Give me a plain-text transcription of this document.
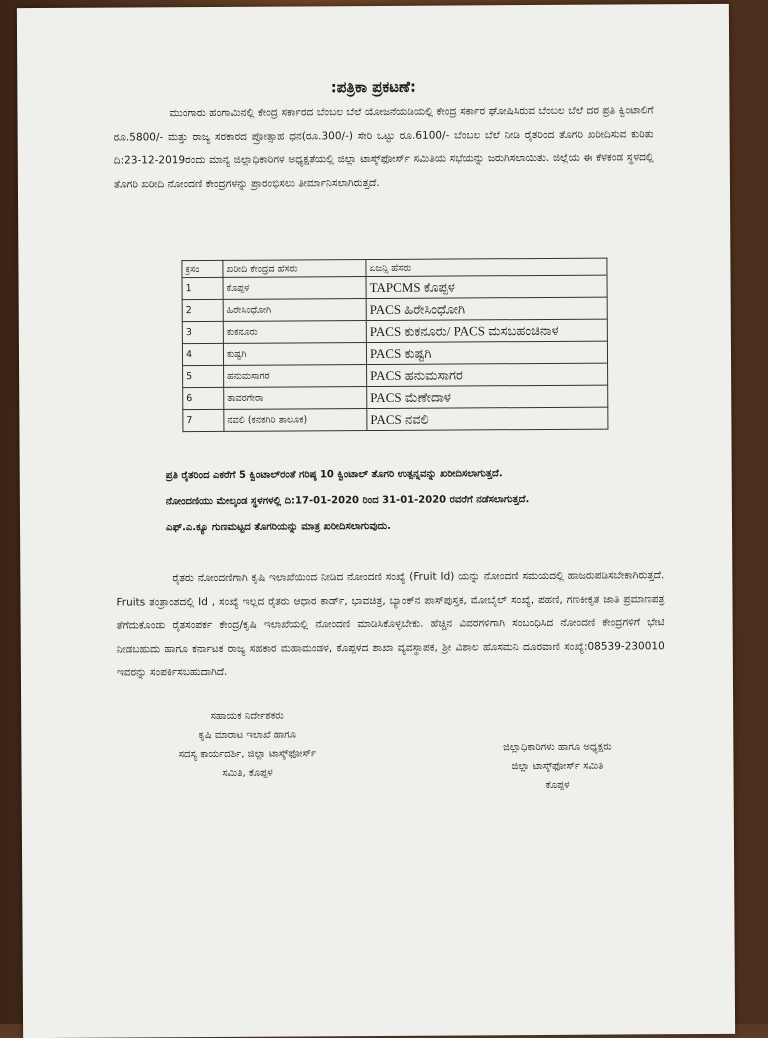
:ಪತ್ರಿಕಾ ಪ್ರಕಟಣೆ:
ಮುಂಗಾರು ಹಂಗಾಮಿನಲ್ಲಿ ಕೇಂದ್ರ ಸರ್ಕಾರದ ಬೆಂಬಲ ಬೆಲೆ ಯೋಜನೆಯಡಿಯಲ್ಲಿ ಕೇಂದ್ರ ಸರ್ಕಾರ ಘೋಷಿಸಿರುವ ಬೆಂಬಲ ಬೆಲೆ ದರ ಪ್ರತಿ ಕ್ವಿಂಟಾಲಿಗೆ ರೂ.5800/- ಮತ್ತು ರಾಜ್ಯ ಸರಕಾರದ ಪ್ರೋತ್ಸಾಹ ಧನ(ರೂ.300/-) ಸೇರಿ ಒಟ್ಟು ರೂ.6100/- ಬೆಂಬಲ ಬೆಲೆ ನೀಡಿ ರೈತರಿಂದ ತೊಗರಿ ಖರೀದಿಸುವ ಕುರಿತು ದಿ:23-12-2019ರಂದು ಮಾನ್ಯ ಜಿಲ್ಲಾಧಿಕಾರಿಗಳ ಅಧ್ಯಕ್ಷತೆಯಲ್ಲಿ ಜಿಲ್ಲಾ ಟಾಸ್ಕ್‌ಫೋರ್ಸ್ ಸಮಿತಿಯ ಸಭೆಯನ್ನು ಜರುಗಿಸಲಾಯಿತು. ಜಿಲ್ಲೆಯ ಈ ಕೆಳಕಂಡ ಸ್ಥಳದಲ್ಲಿ ತೊಗರಿ ಖರೀದಿ ನೋಂದಣಿ ಕೇಂದ್ರಗಳನ್ನು ಪ್ರಾರಂಭಿಸಲು ತೀರ್ಮಾನಿಸಲಾಗಿರುತ್ತದೆ.
ಕ್ರಸಂ	ಖರೀದಿ ಕೇಂದ್ರದ ಹೆಸರು	ಏಜನ್ಸಿ ಹೆಸರು
1	ಕೊಪ್ಪಳ	TAPCMS ಕೊಪ್ಪಳ
2	ಹಿರೇಸಿಂಧೋಗಿ	PACS ಹಿರೇಸಿಂಧೋಗಿ
3	ಕುಕನೂರು	PACS ಕುಕನೂರು/ PACS ಮಸಬಹಂಚಿನಾಳ
4	ಕುಷ್ಟಗಿ	PACS ಕುಷ್ಟಗಿ
5	ಹನುಮಸಾಗರ	PACS ಹನುಮಸಾಗರ
6	ತಾವರಗೇರಾ	PACS ಮೆಣೇದಾಳ
7	ನವಲಿ (ಕನಕಗಿರಿ ತಾಲೂಕ)	PACS ನವಲಿ
ಪ್ರತಿ ರೈತರಿಂದ ಎಕರೆಗೆ 5 ಕ್ವಿಂಟಾಲ್‌ರಂತೆ ಗರಿಷ್ಠ 10 ಕ್ವಿಂಟಾಲ್ ತೊಗರಿ ಉತ್ಪನ್ನವನ್ನು ಖರೀದಿಸಲಾಗುತ್ತದೆ.
ನೋಂದಣಿಯು ಮೇಲ್ಕಂಡ ಸ್ಥಳಗಳಲ್ಲಿ ದಿ:17-01-2020 ರಿಂದ 31-01-2020 ರವರೆಗೆ ನಡೆಸಲಾಗುತ್ತದೆ.
ಎಫ್.ಎ.ಕ್ಯೂ ಗುಣಮಟ್ಟದ ತೊಗರಿಯನ್ನು ಮಾತ್ರ ಖರೀದಿಸಲಾಗುವುದು.
ರೈತರು ನೋಂದಣಿಗಾಗಿ ಕೃಷಿ ಇಲಾಖೆಯಿಂದ ನೀಡಿದ ನೋಂದಣಿ ಸಂಖ್ಯೆ (Fruit Id) ಯನ್ನು ನೋಂದಣಿ ಸಮಯದಲ್ಲಿ ಹಾಜರುಪಡಿಸಬೇಕಾಗಿರುತ್ತದೆ. Fruits ತಂತ್ರಾಂಶದಲ್ಲಿ Id , ಸಂಖ್ಯೆ ಇಲ್ಲದ ರೈತರು ಆಧಾರ ಕಾರ್ಡ್, ಭಾವಚಿತ್ರ, ಬ್ಯಾಂಕ್‌ನ ಪಾಸ್‌ಪುಸ್ತಕ, ಮೋಬೈಲ್ ಸಂಖ್ಯೆ, ಪಹಣಿ, ಗಣಕೀಕೃತ ಜಾತಿ ಪ್ರಮಾಣಪತ್ರ ತೆಗೆದುಕೊಂಡು ರೈತಸಂಪರ್ಕ ಕೇಂದ್ರ/ಕೃಷಿ ಇಲಾಖೆಯಲ್ಲಿ ನೋಂದಣಿ ಮಾಡಿಸಿಕೊಳ್ಳಬೇಕು. ಹೆಚ್ಚಿನ ವಿವರಗಳಿಗಾಗಿ ಸಂಬಂಧಿಸಿದ ನೋಂದಣಿ ಕೇಂದ್ರಗಳಿಗೆ ಭೇಟಿ ನೀಡಬಹುದು ಹಾಗೂ ಕರ್ನಾಟಕ ರಾಜ್ಯ ಸಹಕಾರ ಮಹಾಮಂಡಳ, ಕೊಪ್ಪಳದ ಶಾಖಾ ವ್ಯವಸ್ಥಾಪಕ, ಶ್ರೀ ವಿಶಾಲ ಹೊಸಮನಿ ದೂರವಾಣಿ ಸಂಖ್ಯೆ:08539-230010 ಇವರನ್ನು ಸಂಪರ್ಕಿಸಬಹುದಾಗಿದೆ.
ಸಹಾಯಕ ನಿರ್ದೇಶಕರು
ಕೃಷಿ ಮಾರಾಟ ಇಲಾಖೆ ಹಾಗೂ
ಸದಸ್ಯ ಕಾರ್ಯದರ್ಶಿ, ಜಿಲ್ಲಾ ಟಾಸ್ಕ್‌ಫೋರ್ಸ್
ಸಮಿತಿ, ಕೊಪ್ಪಳ
ಜಿಲ್ಲಾಧಿಕಾರಿಗಳು ಹಾಗೂ ಅಧ್ಯಕ್ಷರು
ಜಿಲ್ಲಾ ಟಾಸ್ಕ್‌ಫೋರ್ಸ್ ಸಮಿತಿ
ಕೊಪ್ಪಳ
